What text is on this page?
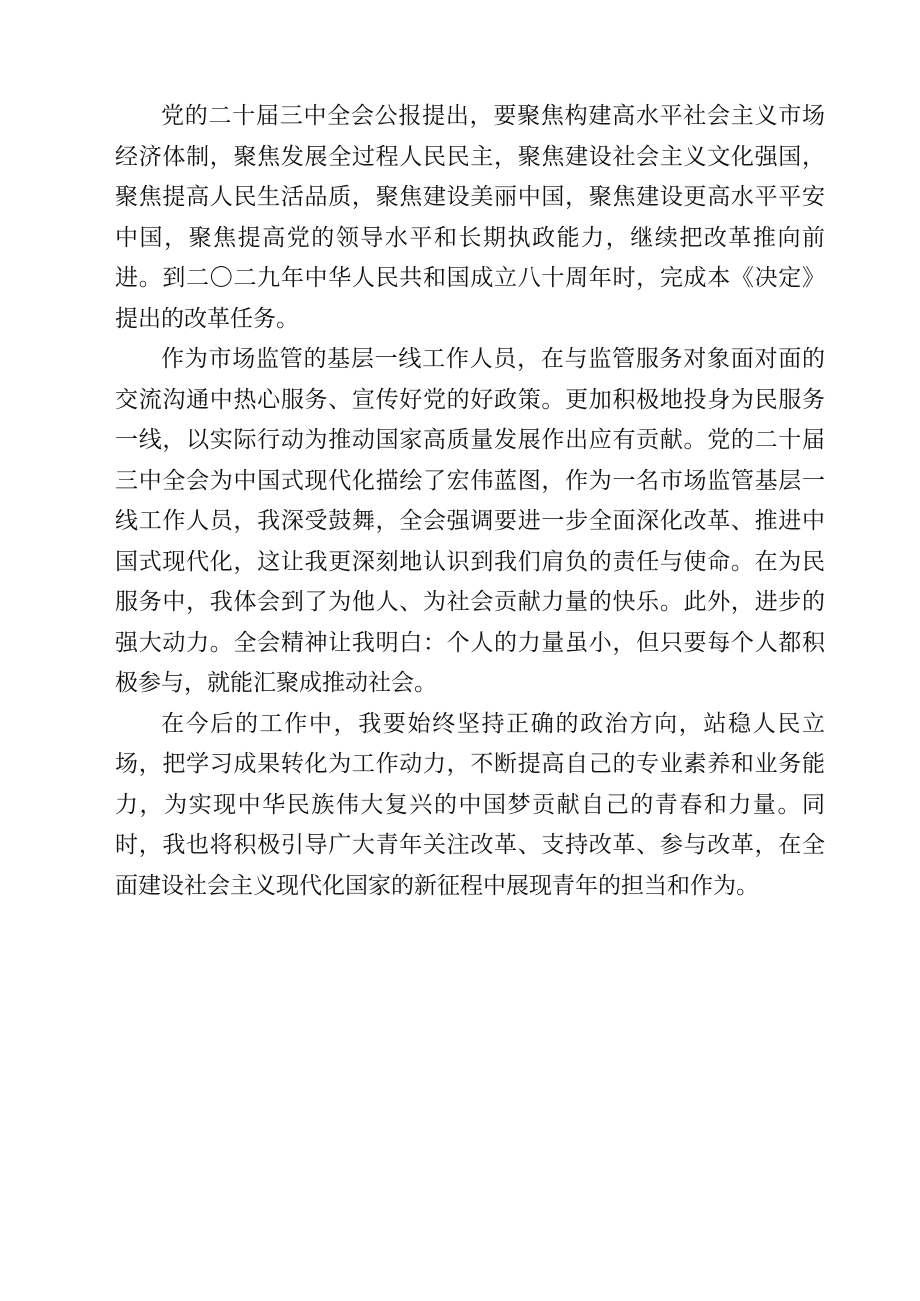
党的二十届三中全会公报提出，要聚焦构建高水平社会主义市场经济体制，聚焦发展全过程人民民主，聚焦建设社会主义文化强国，聚焦提高人民生活品质，聚焦建设美丽中国，聚焦建设更高水平平安中国，聚焦提高党的领导水平和长期执政能力，继续把改革推向前进。到二〇二九年中华人民共和国成立八十周年时，完成本《决定》提出的改革任务。

作为市场监管的基层一线工作人员，在与监管服务对象面对面的交流沟通中热心服务、宣传好党的好政策。更加积极地投身为民服务一线，以实际行动为推动国家高质量发展作出应有贡献。党的二十届三中全会为中国式现代化描绘了宏伟蓝图，作为一名市场监管基层一线工作人员，我深受鼓舞，全会强调要进一步全面深化改革、推进中国式现代化，这让我更深刻地认识到我们肩负的责任与使命。在为民服务中，我体会到了为他人、为社会贡献力量的快乐。此外，进步的强大动力。全会精神让我明白：个人的力量虽小，但只要每个人都积极参与，就能汇聚成推动社会。

在今后的工作中，我要始终坚持正确的政治方向，站稳人民立场，把学习成果转化为工作动力，不断提高自己的专业素养和业务能力，为实现中华民族伟大复兴的中国梦贡献自己的青春和力量。同时，我也将积极引导广大青年关注改革、支持改革、参与改革，在全面建设社会主义现代化国家的新征程中展现青年的担当和作为。
